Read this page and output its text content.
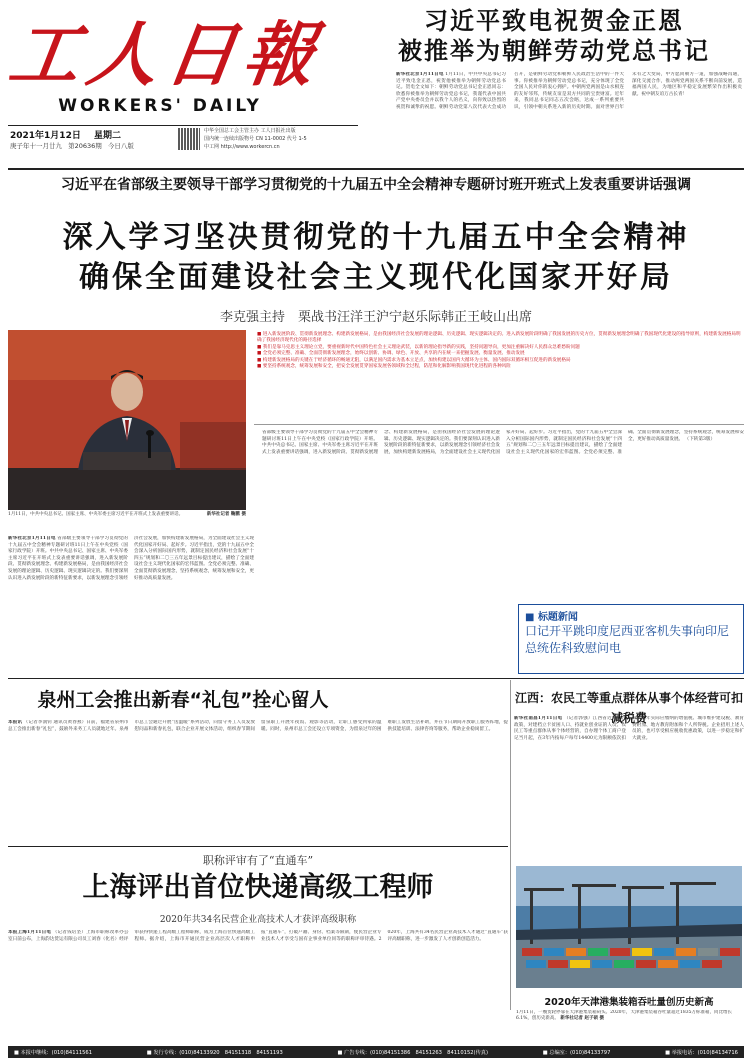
工人日報
WORKERS' DAILY
2021年1月12日 星期二
庚子年十一月廿九 第20636期 今日八版
中华全国总工会主管主办 工人日报社出版
国内统一连续出版物号 CN 11-0002 代号 1-5
中工网 http://www.workercn.cn
习近平致电祝贺金正恩
被推举为朝鲜劳动党总书记
新华社北京1月11日电 1月11日，中共中央总书记习近平致电金正恩，祝贺他被推举为朝鲜劳动党总书记。贺电全文如下：朝鲜劳动党总书记金正恩同志：欣悉你被推举为朝鲜劳动党总书记，我谨代表中国共产党中央委员会并以我个人的名义，向你致以热烈的祝贺和诚挚的祝愿。朝鲜劳动党第八次代表大会成功召开，是朝鲜劳动党和朝鲜人民政治生活中的一件大事。你被推举为朝鲜劳动党总书记，充分体现了全党全国人民对你的衷心拥护。中朝两党两国是山水相连的友好邻邦，传统友谊是双方共同的宝贵财富。近年来，我同总书记同志五次会晤，达成一系列重要共识，引领中朝关系进入新的历史时期。面对世界百年未有之大变局，中方愿同朝方一道，加强战略沟通，深化交流合作，推动两党两国关系不断向前发展，造福两国人民，为地区和平稳定发展繁荣作出积极贡献。祝中朝友谊万古长青！
习近平在省部级主要领导干部学习贯彻党的十九届五中全会精神专题研讨班开班式上发表重要讲话强调
深入学习坚决贯彻党的十九届五中全会精神
确保全面建设社会主义现代化国家开好局
李克强主持　栗战书汪洋王沪宁赵乐际韩正王岐山出席
1月11日，中共中央总书记、国家主席、中央军委主席习近平在开班式上发表重要讲话。	新华社记者 鞠鹏 摄
■ 进入新发展阶段、贯彻新发展理念、构建新发展格局，是由我国经济社会发展的理论逻辑、历史逻辑、现实逻辑决定的。进入新发展阶段明确了我国发展的历史方位，贯彻新发展理念明确了我国现代化建设的指导原则，构建新发展格局明确了我国经济现代化的路径选择
■ 我们是靠马克思主义理论立党，要重视新时代中国特色社会主义理论武装，以新的理论指导新的实践，坚持问题导向，更加注重解决好人民群众急难愁盼问题
■ 全党必须完整、准确、全面贯彻新发展理念，始终以创新、协调、绿色、开放、共享的内在统一来把握发展、衡量发展、推动发展
■ 构建新发展格局的关键在于经济循环的畅通无阻，以满足国内需求为基本立足点，加快构建以国内大循环为主体、国内国际双循环相互促进的新发展格局
■ 要坚持系统观念，统筹发展和安全，把安全发展贯穿国家发展各领域和全过程，防范和化解影响我国现代化进程的各种风险
新华社北京1月11日电 省部级主要领导干部学习贯彻党的十九届五中全会精神专题研讨班11日上午在中央党校（国家行政学院）开班。中共中央总书记、国家主席、中央军委主席习近平在开班式上发表重要讲话强调，进入新发展阶段、贯彻新发展理念、构建新发展格局，是由我国经济社会发展的理论逻辑、历史逻辑、现实逻辑决定的。我们要深刻认识进入新发展阶段的新特征新要求，以新发展理念引领经济社会发展，加快构建新发展格局，为全面建设社会主义现代化国家开好局、起好步。习近平指出，党的十九届五中全会深入分析国际国内形势，就制定国民经济和社会发展“十四五”规划和二〇三五年远景目标提出建议，描绘了全面建设社会主义现代化国家的宏伟蓝图。全党必须完整、准确、全面贯彻新发展理念，坚持系统观念，统筹发展和安全，更好推动高质量发展。
省部级主要领导干部学习贯彻党的十九届五中全会精神专题研讨班11日上午在中央党校（国家行政学院）开班。中共中央总书记、国家主席、中央军委主席习近平在开班式上发表重要讲话强调，进入新发展阶段、贯彻新发展理念、构建新发展格局，是由我国经济社会发展的理论逻辑、历史逻辑、现实逻辑决定的。我们要深刻认识进入新发展阶段的新特征新要求，以新发展理念引领经济社会发展，加快构建新发展格局，为全面建设社会主义现代化国家开好局、起好步。习近平指出，党的十九届五中全会深入分析国际国内形势，就制定国民经济和社会发展“十四五”规划和二〇三五年远景目标提出建议，描绘了全面建设社会主义现代化国家的宏伟蓝图。全党必须完整、准确、全面贯彻新发展理念，坚持系统观念，统筹发展和安全，更好推动高质量发展。 （下转第3版）
■ 标题新闻
口记开平跳印度尼西亚客机失事向印尼总统佐科致慰问电
泉州工会推出新春“礼包”拴心留人
本报讯 （记者李润钊 通讯员黄春燕）日前，福建省泉州市总工会推出新春“礼包”，鼓励外来务工人员就地过年。泉州市总工会通过开展“送温暖”系列活动，向留守务工人员发放慰问品和新春礼包，联合企业开展文体活动，组织春节期间留泉职工开展年夜饭、观影等活动，让职工感受到家的温暖。同时，泉州市总工会还设立专项资金，为留泉过年的困难职工发放生活补助，并在节日期间开放职工服务阵地，提供技能培训、法律咨询等服务，帮助企业稳岗留工。
江西：农民工等重点群体从事个体经营可扣减税费
新华社南昌1月11日电 （记者郭强）江西省近日出台政策，对建档立卡贫困人口、持就业创业证的人员、农民工等重点群体从事个体经营的，自办理个体工商户登记当月起，在3年内按每户每年14400元为限额依次扣减其当年实际应缴纳的增值税、城市维护建设税、教育费附加、地方教育附加和个人所得税。企业招用上述人员的，也可享受相应税收优惠政策，以进一步稳定和扩大就业。
职称评审有了“直通车”
上海评出首位快递高级工程师
2020年共34名民营企业高技术人才获评高级职称
本报上海1月11日电 （记者钱培坚）上海市职称改革办公室日前公布，上海韵达货运有限公司员工刘春（化名）经评审获得快递工程高级工程师职称，成为上海首位快递高级工程师。据介绍，上海市开通民营企业高层次人才职称申报“直通车”，打破户籍、身份、档案等限制，使民营企业专业技术人才享受与国有企事业单位同等的职称评审待遇。2020年，上海共有34名民营企业高技术人才通过“直通车”获评高级职称，进一步激发了人才创新创造活力。
2020年天津港集装箱吞吐量创历史新高
1月11日，一艘货轮停靠在天津港集装箱码头。2020年，天津港集装箱吞吐量超过1835万标准箱，同比增长6.1%，创历史新高。 新华社记者 赵子硕 摄
■ 本报中继线：(010)84111561	■ 发行专线：(010)84133920　84151318　84151193	■ 广告专线：(010)84151386　84151263　84110152(传真)	■ 总编室：(010)84133797	■ 举报电话：(010)84134716
